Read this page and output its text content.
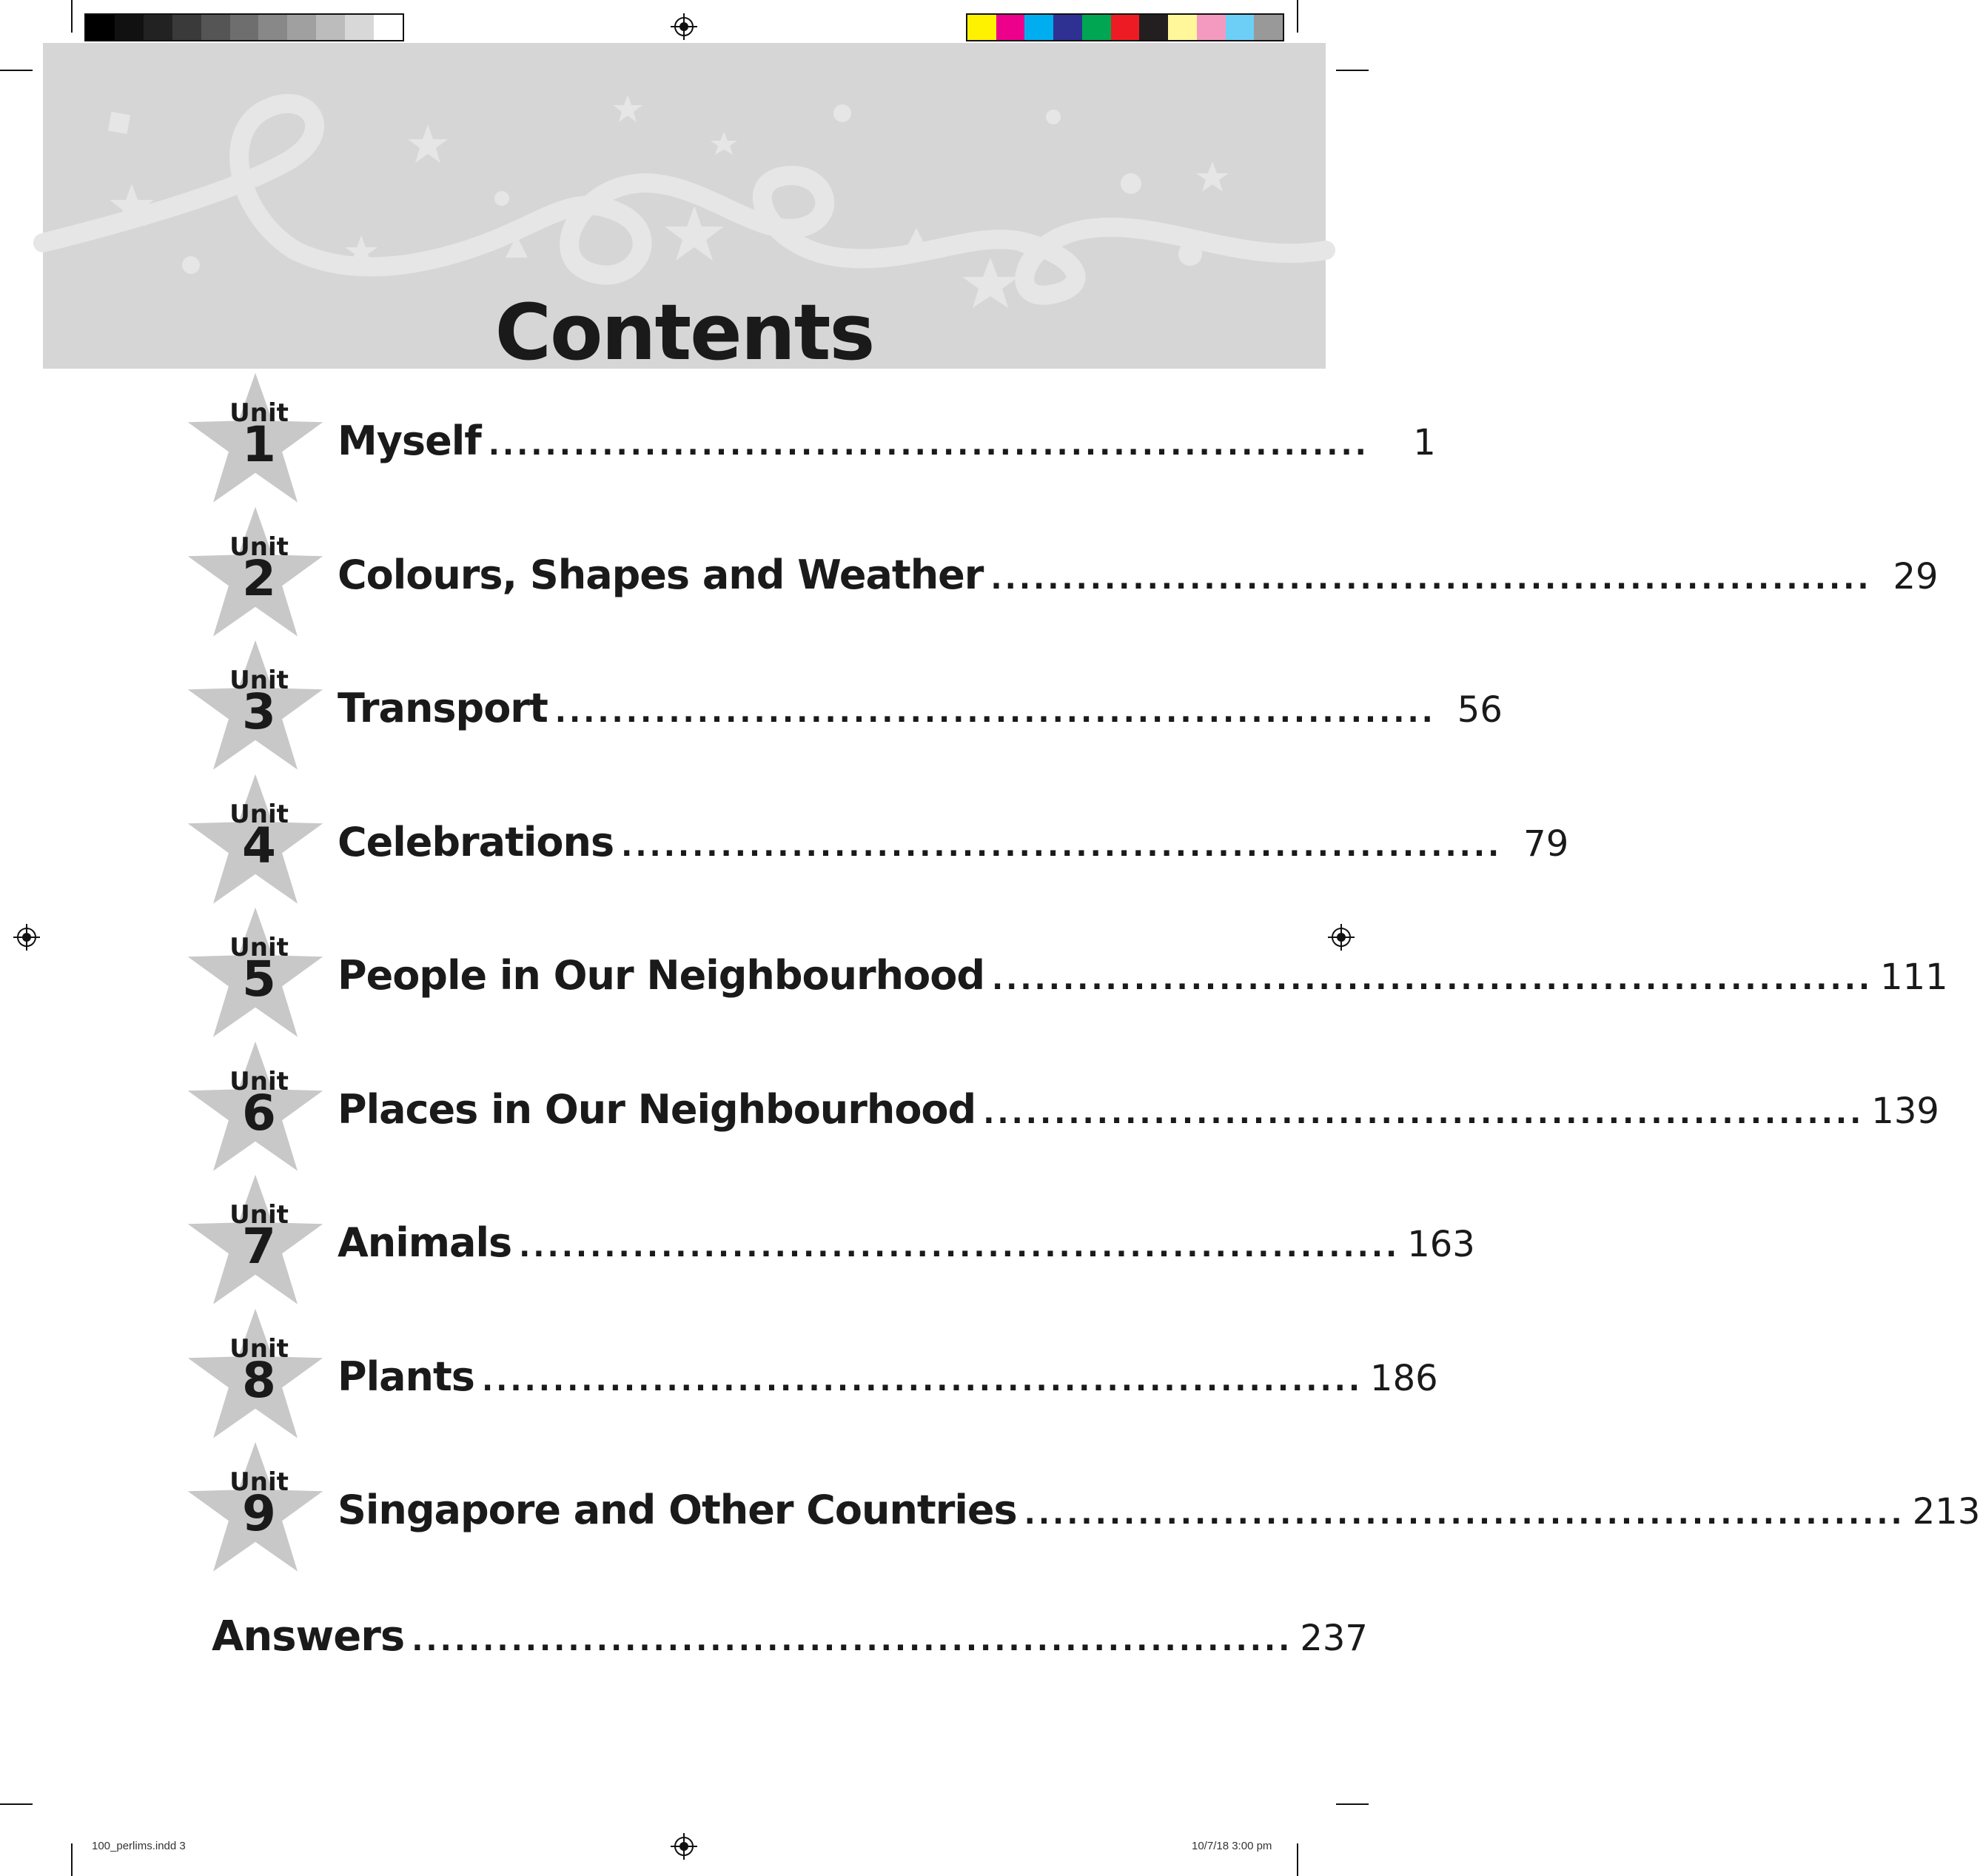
Contents
Unit
1	Myself ..............................................................	1
Unit
2	Colours, Shapes and Weather .............................................................. 29
Unit
3	Transport .............................................................. 56
Unit
4	Celebrations .............................................................. 79
Unit
5	People in Our Neighbourhood .............................................................. 111
Unit
6	Places in Our Neighbourhood .............................................................. 139
Unit
7	Animals .............................................................. 163
Unit
8	Plants .............................................................. 186
Unit
9	Singapore and Other Countries .............................................................. 213
Answers .............................................................. 237
100_perlims.indd 3	10/7/18 3:00 pm
